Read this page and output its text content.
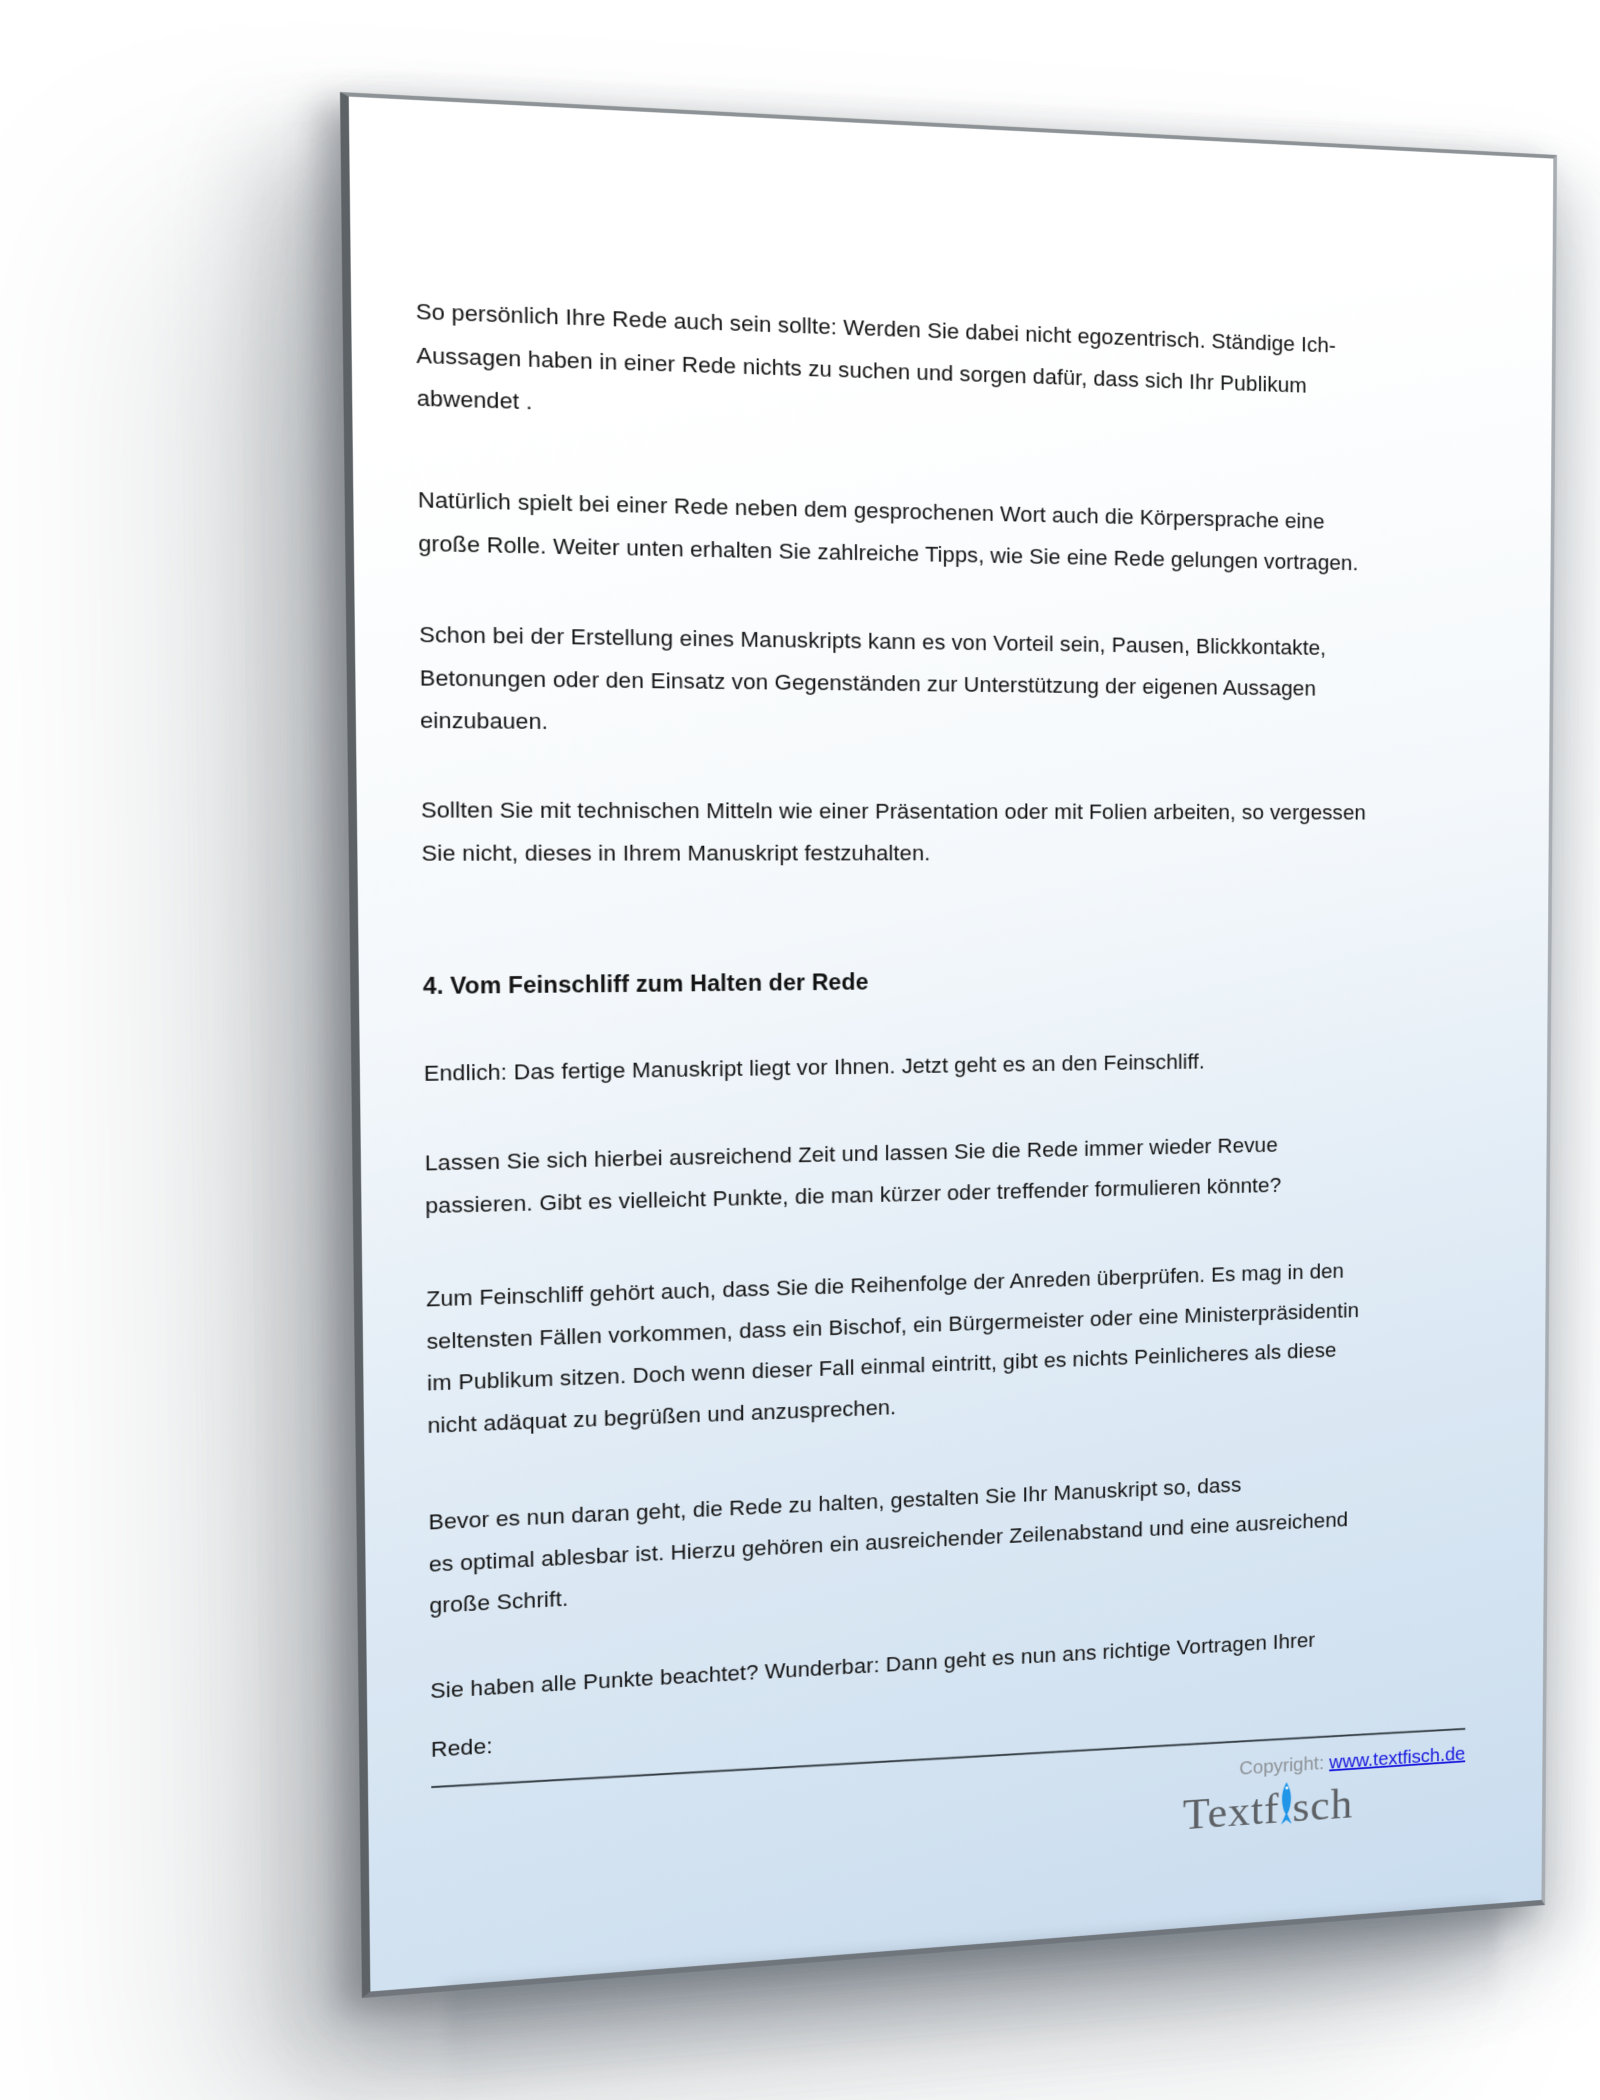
So persönlich Ihre Rede auch sein sollte: Werden Sie dabei nicht egozentrisch. Ständige Ich-
Aussagen haben in einer Rede nichts zu suchen und sorgen dafür, dass sich Ihr Publikum
abwendet .
Natürlich spielt bei einer Rede neben dem gesprochenen Wort auch die Körpersprache eine
große Rolle. Weiter unten erhalten Sie zahlreiche Tipps, wie Sie eine Rede gelungen vortragen.
Schon bei der Erstellung eines Manuskripts kann es von Vorteil sein, Pausen, Blickkontakte,
Betonungen oder den Einsatz von Gegenständen zur Unterstützung der eigenen Aussagen
einzubauen.
Sollten Sie mit technischen Mitteln wie einer Präsentation oder mit Folien arbeiten, so vergessen
Sie nicht, dieses in Ihrem Manuskript festzuhalten.
4. Vom Feinschliff zum Halten der Rede
Endlich: Das fertige Manuskript liegt vor Ihnen. Jetzt geht es an den Feinschliff.
Lassen Sie sich hierbei ausreichend Zeit und lassen Sie die Rede immer wieder Revue
passieren. Gibt es vielleicht Punkte, die man kürzer oder treffender formulieren könnte?
Zum Feinschliff gehört auch, dass Sie die Reihenfolge der Anreden überprüfen. Es mag in den
seltensten Fällen vorkommen, dass ein Bischof, ein Bürgermeister oder eine Ministerpräsidentin
im Publikum sitzen. Doch wenn dieser Fall einmal eintritt, gibt es nichts Peinlicheres als diese
nicht adäquat zu begrüßen und anzusprechen.
Bevor es nun daran geht, die Rede zu halten, gestalten Sie Ihr Manuskript so, dass
es optimal ablesbar ist. Hierzu gehören ein ausreichender Zeilenabstand und eine ausreichend
große Schrift.
Sie haben alle Punkte beachtet? Wunderbar: Dann geht es nun ans richtige Vortragen Ihrer
Rede:
Copyright: www.textfisch.de
Textf sch
